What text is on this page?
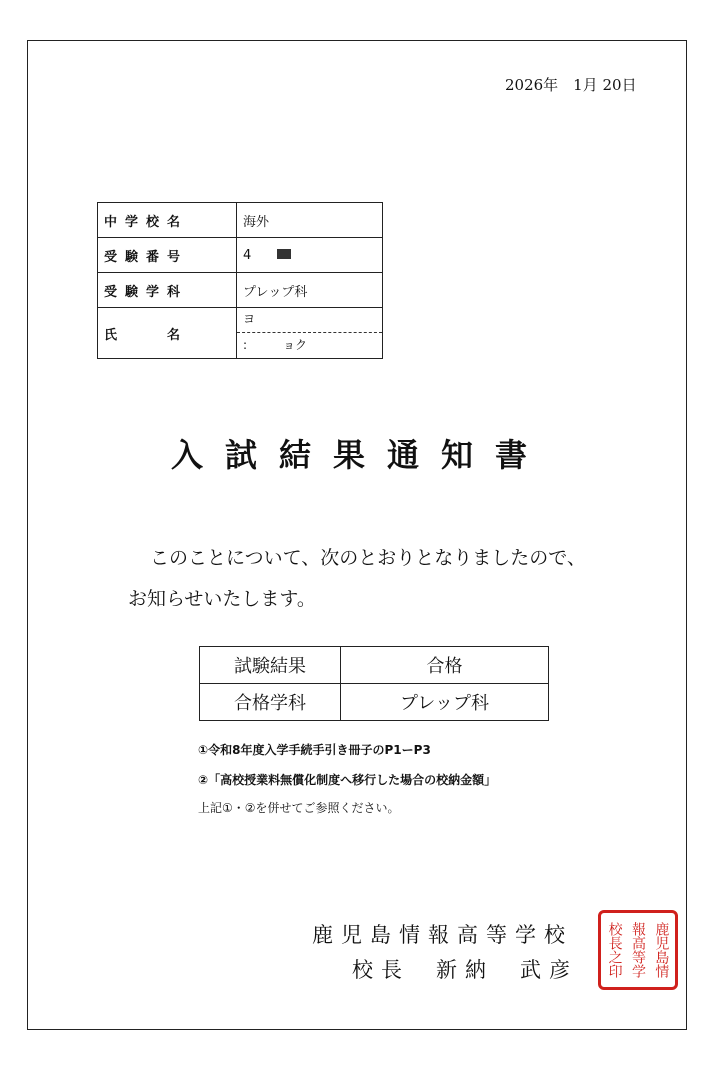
2026年　1月 20日
中学校名	海外
受験番号	4
受験学科	プレップ科
氏名	ヨ
:　　　ョク
入試結果通知書
このことについて、次のとおりとなりましたので、
お知らせいたします。
試験結果	合格
合格学科	プレップ科
①令和8年度入学手続手引き冊子のP1ーP3
②「高校授業料無償化制度へ移行した場合の校納金額」
上記①・②を併せてご参照ください。
鹿児島情報高等学校
校長 新納 武彦	鹿児島情
報高等学
校長之印
